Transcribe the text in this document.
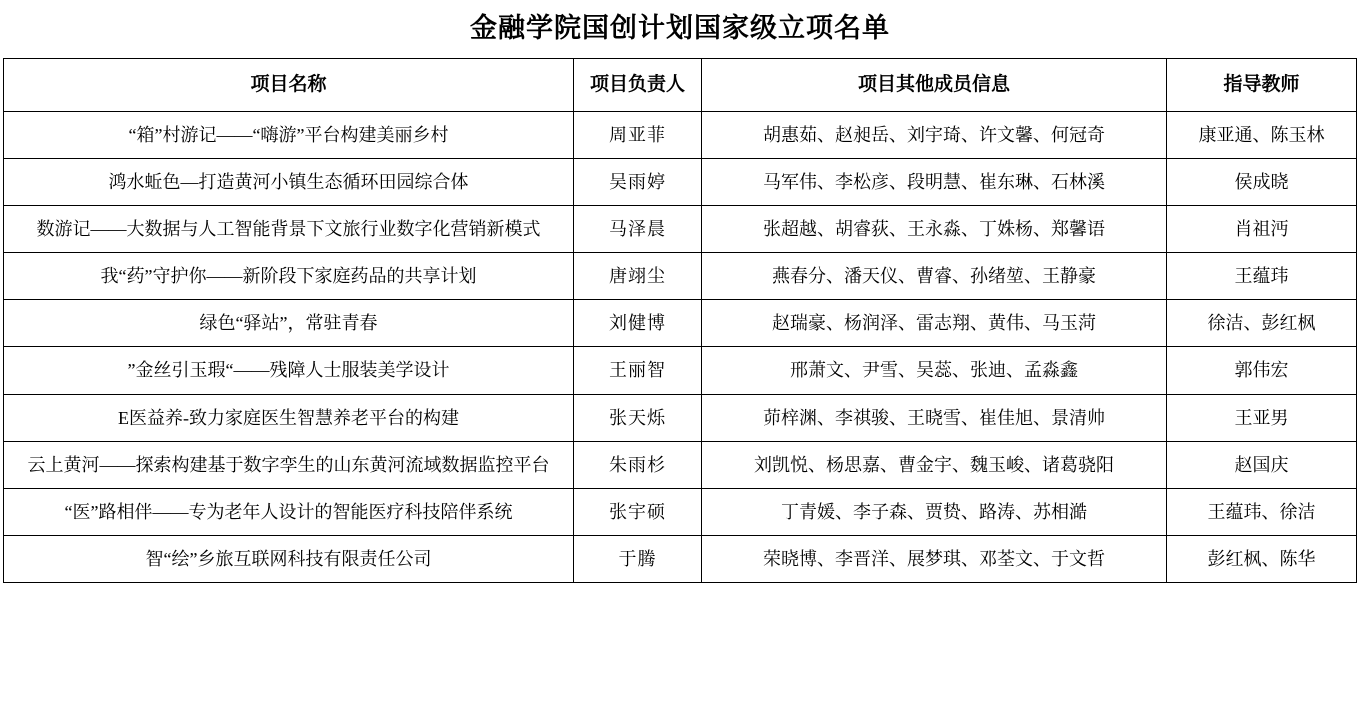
金融学院国创计划国家级立项名单
项目名称	项目负责人	项目其他成员信息	指导教师
“箱”村游记——“嗨游”平台构建美丽乡村	周亚菲	胡惠茹、赵昶岳、刘宇琦、许文馨、何冠奇	康亚通、陈玉林
鸿水蚯色—打造黄河小镇生态循环田园综合体	吴雨婷	马军伟、李松彦、段明慧、崔东琳、石林溪	侯成晓
数游记——大数据与人工智能背景下文旅行业数字化营销新模式	马泽晨	张超越、胡睿荻、王永淼、丁姝杨、郑馨语	肖祖沔
我“药”守护你——新阶段下家庭药品的共享计划	唐翊尘	燕春分、潘天仪、曹睿、孙绪堃、王静豪	王蕴玮
绿色“驿站”，常驻青春	刘健博	赵瑞豪、杨润泽、雷志翔、黄伟、马玉菏	徐洁、彭红枫
”金丝引玉瑕“——残障人士服装美学设计	王丽智	邢萧文、尹雪、吴蕊、张迪、孟淼鑫	郭伟宏
E医益养-致力家庭医生智慧养老平台的构建	张天烁	茆梓渊、李祺骏、王晓雪、崔佳旭、景清帅	王亚男
云上黄河——探索构建基于数字孪生的山东黄河流域数据监控平台	朱雨杉	刘凯悦、杨思嘉、曹金宇、魏玉峻、诸葛骁阳	赵国庆
“医”路相伴——专为老年人设计的智能医疗科技陪伴系统	张宇硕	丁青媛、李子森、贾贽、路涛、苏相澔	王蕴玮、徐洁
智“绘”乡旅互联网科技有限责任公司	于腾	荣晓博、李晋洋、展梦琪、邓荃文、于文哲	彭红枫、陈华
